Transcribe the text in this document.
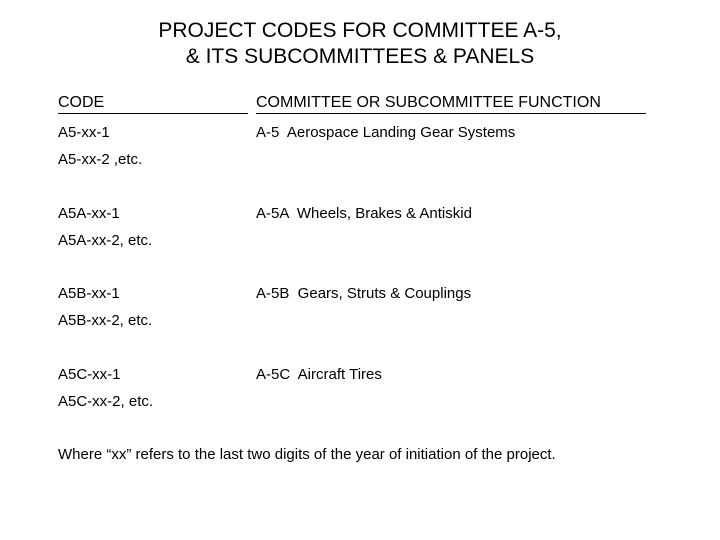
PROJECT CODES FOR COMMITTEE A-5,
& ITS SUBCOMMITTEES & PANELS
CODE	COMMITTEE OR SUBCOMMITTEE FUNCTION
A5-xx-1	A-5  Aerospace Landing Gear Systems
A5-xx-2 ,etc.
A5A-xx-1	A-5A  Wheels, Brakes & Antiskid
A5A-xx-2, etc.
A5B-xx-1	A-5B  Gears, Struts & Couplings
A5B-xx-2, etc.
A5C-xx-1	A-5C  Aircraft Tires
A5C-xx-2, etc.
Where “xx” refers to the last two digits of the year of initiation of the project.
